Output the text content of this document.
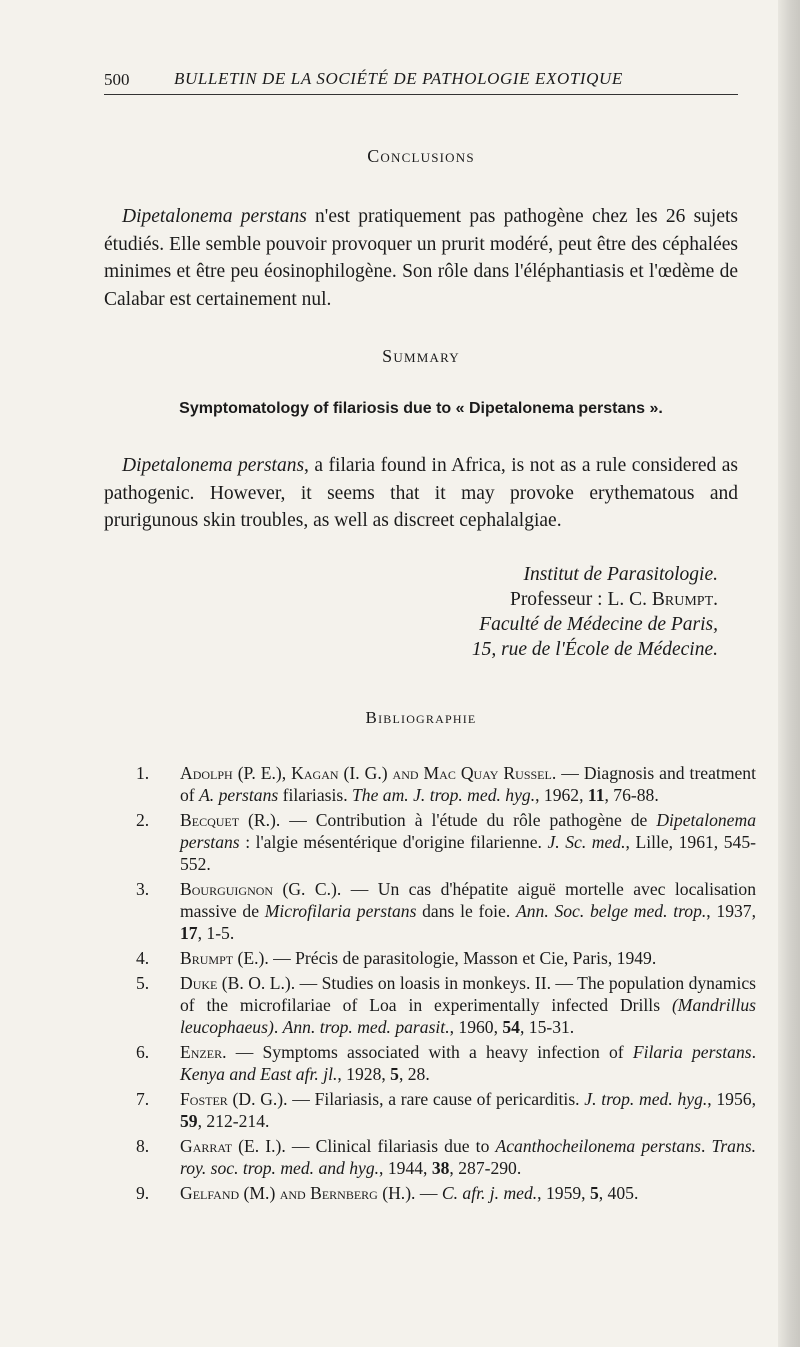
500	BULLETIN DE LA SOCIÉTÉ DE PATHOLOGIE EXOTIQUE
Conclusions

Dipetalonema perstans n'est pratiquement pas pathogène chez les 26 sujets étudiés. Elle semble pouvoir provoquer un prurit modéré, peut être des céphalées minimes et être peu éosinophilogène. Son rôle dans l'éléphantiasis et l'œdème de Calabar est certainement nul.

Summary
Symptomatology of filariosis due to « Dipetalonema perstans ».

Dipetalonema perstans, a filaria found in Africa, is not as a rule considered as pathogenic. However, it seems that it may provoke erythematous and prurigunous skin troubles, as well as discreet cephalalgiae.

Institut de Parasitologie.
Professeur : L. C. Brumpt.
Faculté de Médecine de Paris,
15, rue de l'École de Médecine.
Bibliographie
1. Adolph (P. E.), Kagan (I. G.) and Mac Quay Russel. — Diagnosis and treatment of A. perstans filariasis. The am. J. trop. med. hyg., 1962, 11, 76-88.
2. Becquet (R.). — Contribution à l'étude du rôle pathogène de Dipetalonema perstans : l'algie mésentérique d'origine filarienne. J. Sc. med., Lille, 1961, 545-552.
3. Bourguignon (G. C.). — Un cas d'hépatite aiguë mortelle avec localisation massive de Microfilaria perstans dans le foie. Ann. Soc. belge med. trop., 1937, 17, 1-5.
4. Brumpt (E.). — Précis de parasitologie, Masson et Cie, Paris, 1949.
5. Duke (B. O. L.). — Studies on loasis in monkeys. II. — The population dynamics of the microfilariae of Loa in experimentally infected Drills (Mandrillus leucophaeus). Ann. trop. med. parasit., 1960, 54, 15-31.
6. Enzer. — Symptoms associated with a heavy infection of Filaria perstans. Kenya and East afr. jl., 1928, 5, 28.
7. Foster (D. G.). — Filariasis, a rare cause of pericarditis. J. trop. med. hyg., 1956, 59, 212-214.
8. Garrat (E. I.). — Clinical filariasis due to Acanthocheilonema perstans. Trans. roy. soc. trop. med. and hyg., 1944, 38, 287-290.
9. Gelfand (M.) and Bernberg (H.). — C. afr. j. med., 1959, 5, 405.
